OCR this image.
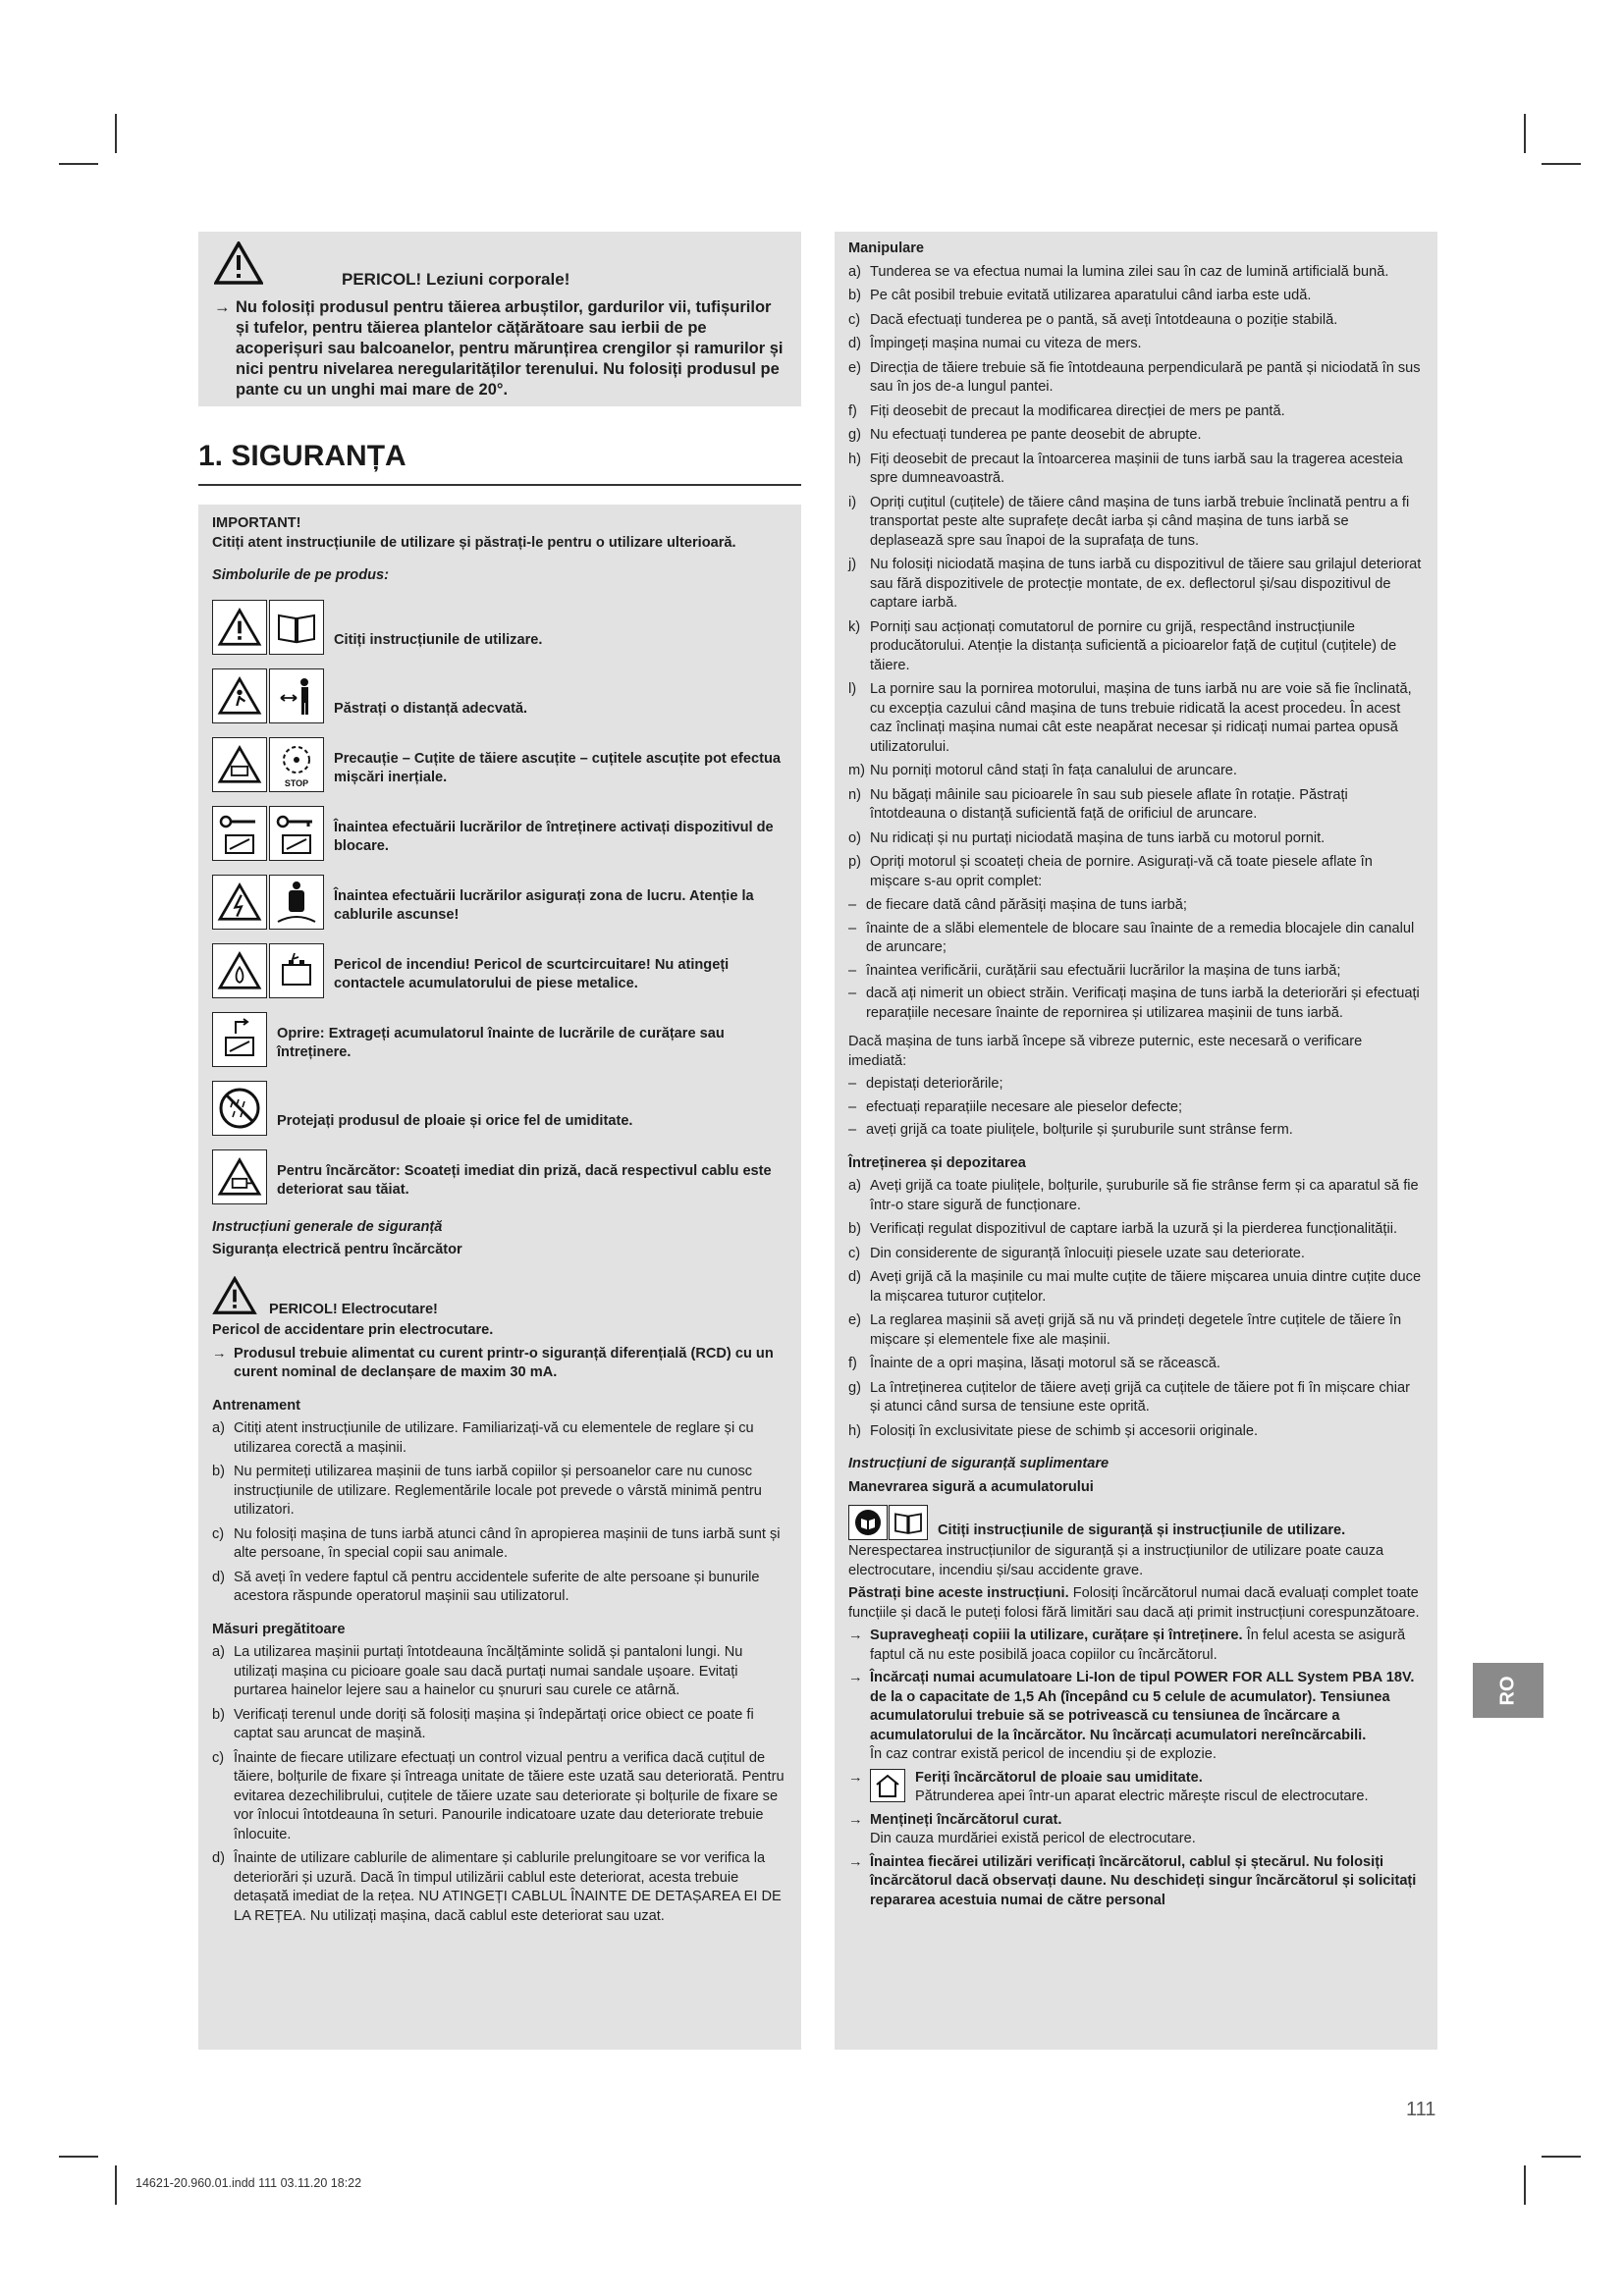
PERICOL! Leziuni corporale!
→ Nu folosiți produsul pentru tăierea arbuștilor, gardurilor vii, tufișurilor și tufelor, pentru tăierea plantelor cățărătoare sau ierbii de pe acoperișuri sau balcoanelor, pentru mărunțirea crengilor și ramurilor și nici pentru nivelarea neregularităților terenului. Nu folosiți produsul pe pante cu un unghi mai mare de 20°.
1. SIGURANȚA
IMPORTANT!
Citiți atent instrucțiunile de utilizare și păstrați-le pentru o utilizare ulterioară.
Simbolurile de pe produs:
Citiți instrucțiunile de utilizare.
Păstrați o distanță adecvată.
STOP
Precauție – Cuțite de tăiere ascuțite – cuțitele ascuțite pot efectua mișcări inerțiale.
Înaintea efectuării lucrărilor de întreținere activați dispozitivul de blocare.
Înaintea efectuării lucrărilor asigurați zona de lucru. Atenție la cablurile ascunse!
Pericol de incendiu! Pericol de scurtcircuitare! Nu atingeți contactele acumulatorului de piese metalice.
Oprire: Extrageți acumulatorul înainte de lucrările de curățare sau întreținere.
Protejați produsul de ploaie și orice fel de umiditate.
Pentru încărcător: Scoateți imediat din priză, dacă respectivul cablu este deteriorat sau tăiat.
Instrucțiuni generale de siguranță
Siguranța electrică pentru încărcător
PERICOL! Electrocutare!
Pericol de accidentare prin electrocutare.
→ Produsul trebuie alimentat cu curent printr-o siguranță diferențială (RCD) cu un curent nominal de declanșare de maxim 30 mA.
Antrenament
a) Citiți atent instrucțiunile de utilizare. Familiarizați-vă cu elementele de reglare și cu utilizarea corectă a mașinii.
b) Nu permiteți utilizarea mașinii de tuns iarbă copiilor și persoanelor care nu cunosc instrucțiunile de utilizare. Reglementările locale pot prevede o vârstă minimă pentru utilizatori.
c) Nu folosiți mașina de tuns iarbă atunci când în apropierea mașinii de tuns iarbă sunt și alte persoane, în special copii sau animale.
d) Să aveți în vedere faptul că pentru accidentele suferite de alte persoane și bunurile acestora răspunde operatorul mașinii sau utilizatorul.
Măsuri pregătitoare
a) La utilizarea mașinii purtați întotdeauna încălțăminte solidă și pantaloni lungi. Nu utilizați mașina cu picioare goale sau dacă purtați numai sandale ușoare. Evitați purtarea hainelor lejere sau a hainelor cu șnururi sau curele ce atârnă.
b) Verificați terenul unde doriți să folosiți mașina și îndepărtați orice obiect ce poate fi captat sau aruncat de mașină.
c) Înainte de fiecare utilizare efectuați un control vizual pentru a verifica dacă cuțitul de tăiere, bolțurile de fixare și întreaga unitate de tăiere este uzată sau deteriorată. Pentru evitarea dezechilibrului, cuțitele de tăiere uzate sau deteriorate și bolțurile de fixare se vor înlocui întotdeauna în seturi. Panourile indicatoare uzate dau deteriorate trebuie înlocuite.
d) Înainte de utilizare cablurile de alimentare și cablurile prelungitoare se vor verifica la deteriorări și uzură. Dacă în timpul utilizării cablul este deteriorat, acesta trebuie detașată imediat de la rețea. NU ATINGEȚI CABLUL ÎNAINTE DE DETAȘAREA EI DE LA REȚEA. Nu utilizați mașina, dacă cablul este deteriorat sau uzat.
Manipulare
a) Tunderea se va efectua numai la lumina zilei sau în caz de lumină artificială bună.
b) Pe cât posibil trebuie evitată utilizarea aparatului când iarba este udă.
c) Dacă efectuați tunderea pe o pantă, să aveți întotdeauna o poziție stabilă.
d) Împingeți mașina numai cu viteza de mers.
e) Direcția de tăiere trebuie să fie întotdeauna perpendiculară pe pantă și niciodată în sus sau în jos de-a lungul pantei.
f) Fiți deosebit de precaut la modificarea direcției de mers pe pantă.
g) Nu efectuați tunderea pe pante deosebit de abrupte.
h) Fiți deosebit de precaut la întoarcerea mașinii de tuns iarbă sau la tragerea acesteia spre dumneavoastră.
i) Opriți cuțitul (cuțitele) de tăiere când mașina de tuns iarbă trebuie înclinată pentru a fi transportat peste alte suprafețe decât iarba și când mașina de tuns iarbă se deplasează spre sau înapoi de la suprafața de tuns.
j) Nu folosiți niciodată mașina de tuns iarbă cu dispozitivul de tăiere sau grilajul deteriorat sau fără dispozitivele de protecție montate, de ex. deflectorul și/sau dispozitivul de captare iarbă.
k) Porniți sau acționați comutatorul de pornire cu grijă, respectând instrucțiunile producătorului. Atenție la distanța suficientă a picioarelor față de cuțitul (cuțitele) de tăiere.
l) La pornire sau la pornirea motorului, mașina de tuns iarbă nu are voie să fie înclinată, cu excepția cazului când mașina de tuns trebuie ridicată la acest procedeu. În acest caz înclinați mașina numai cât este neapărat necesar și ridicați numai partea opusă utilizatorului.
m) Nu porniți motorul când stați în fața canalului de aruncare.
n) Nu băgați mâinile sau picioarele în sau sub piesele aflate în rotație. Păstrați întotdeauna o distanță suficientă față de orificiul de aruncare.
o) Nu ridicați și nu purtați niciodată mașina de tuns iarbă cu motorul pornit.
p) Opriți motorul și scoateți cheia de pornire. Asigurați-vă că toate piesele aflate în mișcare s-au oprit complet:
– de fiecare dată când părăsiți mașina de tuns iarbă;
– înainte de a slăbi elementele de blocare sau înainte de a remedia blocajele din canalul de aruncare;
– înaintea verificării, curățării sau efectuării lucrărilor la mașina de tuns iarbă;
– dacă ați nimerit un obiect străin. Verificați mașina de tuns iarbă la deteriorări și efectuați reparațiile necesare înainte de repornirea și utilizarea mașinii de tuns iarbă.
Dacă mașina de tuns iarbă începe să vibreze puternic, este necesară o verificare imediată:
– depistați deteriorările;
– efectuați reparațiile necesare ale pieselor defecte;
– aveți grijă ca toate piulițele, bolțurile și șuruburile sunt strânse ferm.
Întreținerea și depozitarea
a) Aveți grijă ca toate piulițele, bolțurile, șuruburile să fie strânse ferm și ca aparatul să fie într-o stare sigură de funcționare.
b) Verificați regulat dispozitivul de captare iarbă la uzură și la pierderea funcționalității.
c) Din considerente de siguranță înlocuiți piesele uzate sau deteriorate.
d) Aveți grijă că la mașinile cu mai multe cuțite de tăiere mișcarea unuia dintre cuțite duce la mișcarea tuturor cuțitelor.
e) La reglarea mașinii să aveți grijă să nu vă prindeți degetele între cuțitele de tăiere în mișcare și elementele fixe ale mașinii.
f) Înainte de a opri mașina, lăsați motorul să se răcească.
g) La întreținerea cuțitelor de tăiere aveți grijă ca cuțitele de tăiere pot fi în mișcare chiar și atunci când sursa de tensiune este oprită.
h) Folosiți în exclusivitate piese de schimb și accesorii originale.
Instrucțiuni de siguranță suplimentare
Manevrarea sigură a acumulatorului
Citiți instrucțiunile de siguranță și instrucțiunile de utilizare.
Nerespectarea instrucțiunilor de siguranță și a instrucțiunilor de utilizare poate cauza electrocutare, incendiu și/sau accidente grave.
Păstrați bine aceste instrucțiuni. Folosiți încărcătorul numai dacă evaluați complet toate funcțiile și dacă le puteți folosi fără limitări sau dacă ați primit instrucțiuni corespunzătoare.
→ Supravegheați copiii la utilizare, curățare și întreținere. În felul acesta se asigură faptul că nu este posibilă joaca copiilor cu încărcătorul.
→ Încărcați numai acumulatoare Li-Ion de tipul POWER FOR ALL System PBA 18V. de la o capacitate de 1,5 Ah (începând cu 5 celule de acumulator). Tensiunea acumulatorului trebuie să se potrivească cu tensiunea de încărcare a acumulatorului de la încărcător. Nu încărcați acumulatori nereîncărcabili.
În caz contrar există pericol de incendiu și de explozie.
→	Feriți încărcătorul de ploaie sau umiditate.
Pătrunderea apei într-un aparat electric mărește riscul de electrocutare.
→ Mențineți încărcătorul curat.
Din cauza murdăriei există pericol de electrocutare.
→ Înaintea fiecărei utilizări verificați încărcătorul, cablul și ștecărul. Nu folosiți încărcătorul dacă observați daune. Nu deschideți singur încărcătorul și solicitați repararea acestuia numai de către personal
RO
111
14621-20.960.01.indd 111 03.11.20 18:22
